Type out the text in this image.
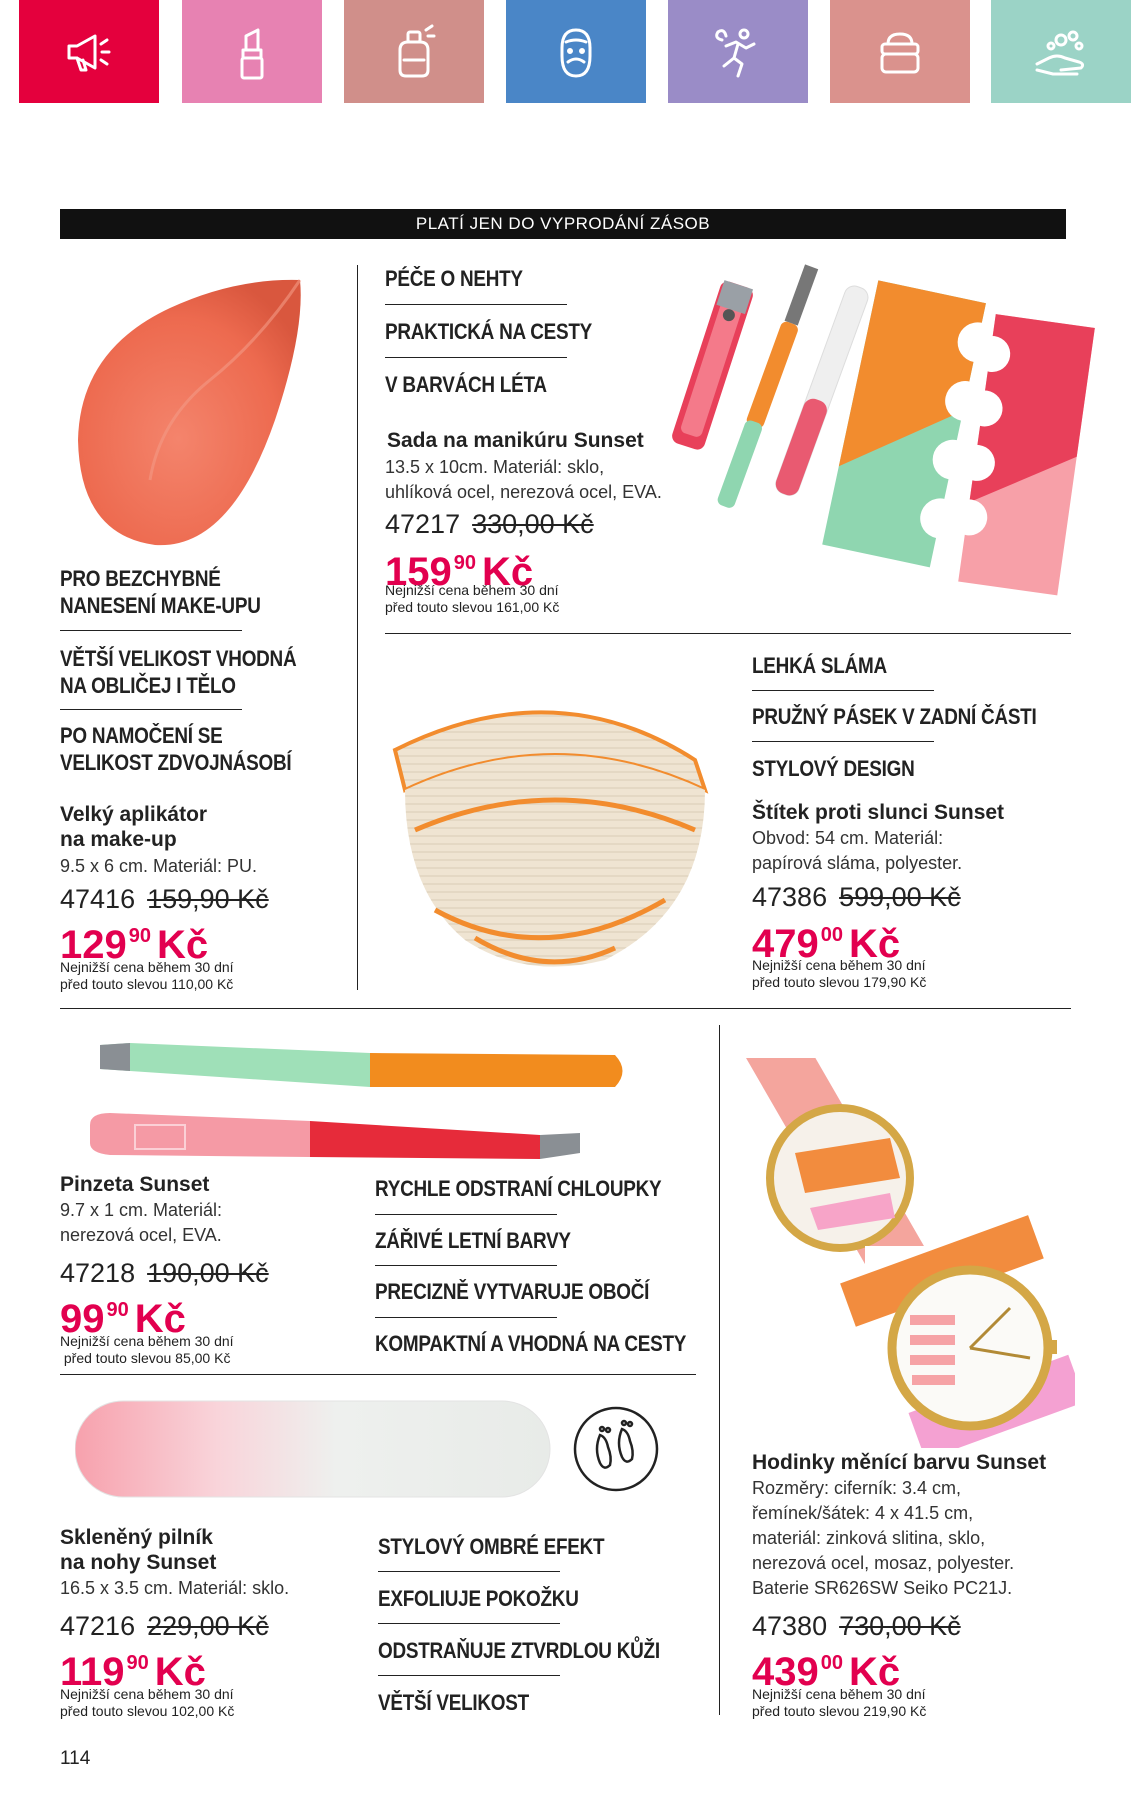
PLATÍ JEN DO VYPRODÁNÍ ZÁSOB
PRO BEZCHYBNÉ
NANESENÍ MAKE-UPU
VĚTŠÍ VELIKOST VHODNÁ
NA OBLIČEJ I TĚLO
PO NAMOČENÍ SE
VELIKOST ZDVOJNÁSOBÍ
Velký aplikátor
na make-up
9.5 x 6 cm. Materiál: PU.
47416 159,90 Kč
129 90 Kč
Nejnižší cena během 30 dní
před touto slevou 110,00 Kč
PÉČE O NEHTY
PRAKTICKÁ NA CESTY
V BARVÁCH LÉTA
Sada na manikúru Sunset
13.5 x 10cm. Materiál: sklo,
uhlíková ocel, nerezová ocel, EVA.
47217 330,00 Kč
159 90 Kč
Nejnižší cena během 30 dní
před touto slevou 161,00 Kč
LEHKÁ SLÁMA
PRUŽNÝ PÁSEK V ZADNÍ ČÁSTI
STYLOVÝ DESIGN
Štítek proti slunci Sunset
Obvod: 54 cm. Materiál:
papírová sláma, polyester.
47386 599,00 Kč
479 00 Kč
Nejnižší cena během 30 dní
před touto slevou 179,90 Kč
Pinzeta Sunset
9.7 x 1 cm. Materiál:
nerezová ocel, EVA.
47218 190,00 Kč
99 90 Kč
Nejnižší cena během 30 dní
před touto slevou 85,00 Kč
RYCHLE ODSTRANÍ CHLOUPKY
ZÁŘIVÉ LETNÍ BARVY
PRECIZNĚ VYTVARUJE OBOČÍ
KOMPAKTNÍ A VHODNÁ NA CESTY
Skleněný pilník
na nohy Sunset
16.5 x 3.5 cm. Materiál: sklo.
47216 229,00 Kč
119 90 Kč
Nejnižší cena během 30 dní
před touto slevou 102,00 Kč
STYLOVÝ OMBRÉ EFEKT
EXFOLIUJE POKOŽKU
ODSTRAŇUJE ZTVRDLOU KŮŽI
VĚTŠÍ VELIKOST
Hodinky měnící barvu Sunset
Rozměry: ciferník: 3.4 cm,
řemínek/šátek: 4 x 41.5 cm,
materiál: zinková slitina, sklo,
nerezová ocel, mosaz, polyester.
Baterie SR626SW Seiko PC21J.
47380 730,00 Kč
439 00 Kč
Nejnižší cena během 30 dní
před touto slevou 219,90 Kč
114
